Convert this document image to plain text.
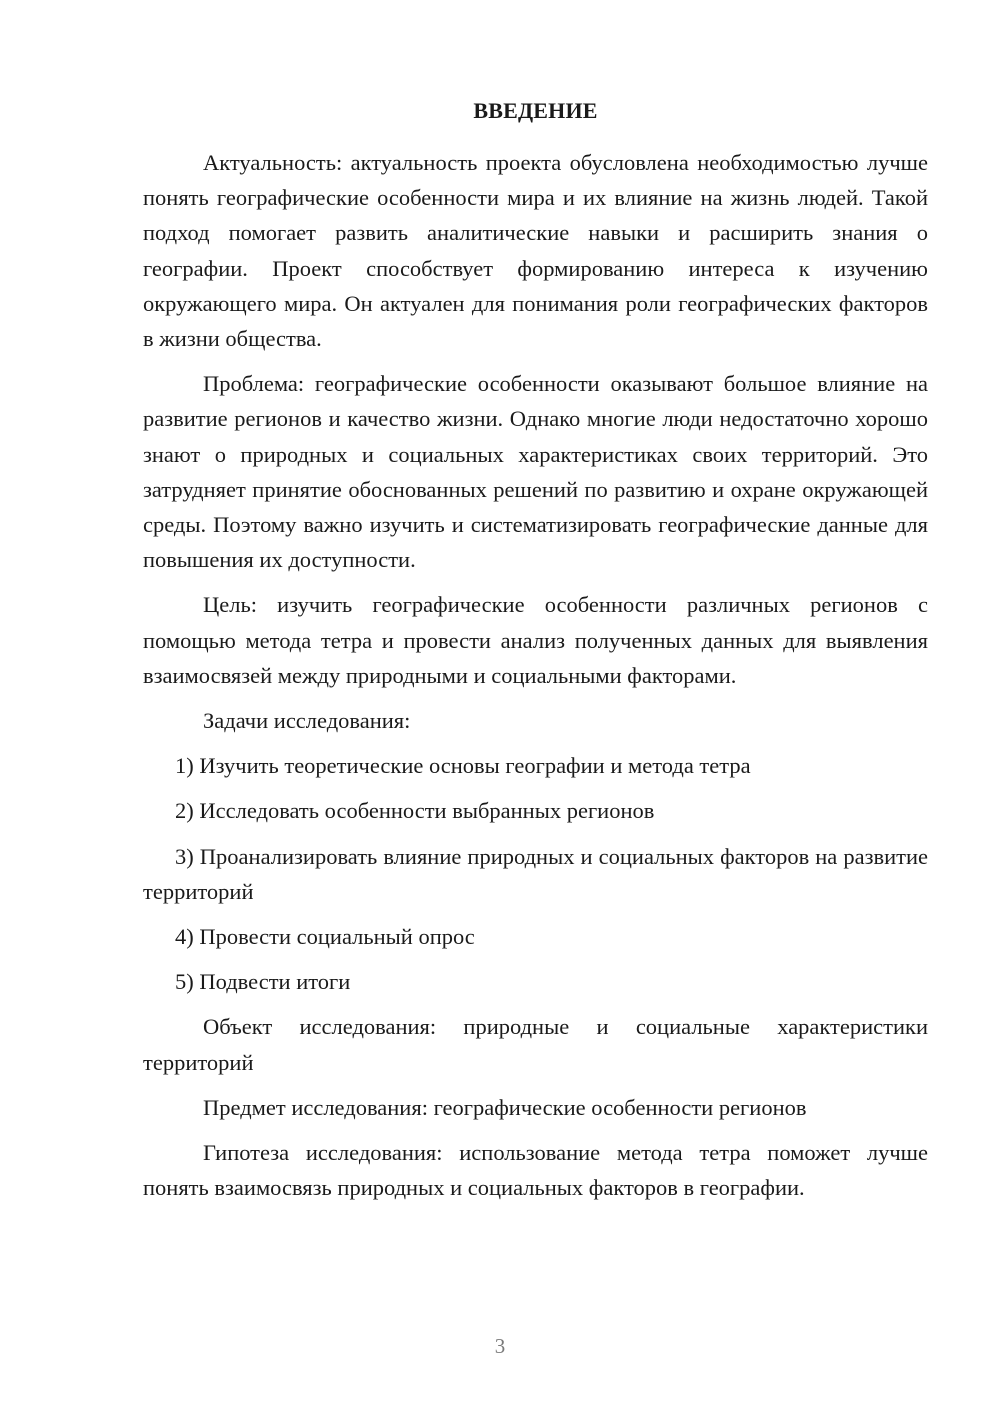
ВВЕДЕНИЕ

Актуальность: актуальность проекта обусловлена необходимостью лучше понять географические особенности мира и их влияние на жизнь людей. Такой подход помогает развить аналитические навыки и расширить знания о географии. Проект способствует формированию интереса к изучению окружающего мира. Он актуален для понимания роли географических факторов в жизни общества.

Проблема: географические особенности оказывают большое влияние на развитие регионов и качество жизни. Однако многие люди недостаточно хорошо знают о природных и социальных характеристиках своих территорий. Это затрудняет принятие обоснованных решений по развитию и охране окружающей среды. Поэтому важно изучить и систематизировать географические данные для повышения их доступности.

Цель: изучить географические особенности различных регионов с помощью метода тетра и провести анализ полученных данных для выявления взаимосвязей между природными и социальными факторами.

Задачи исследования:

1) Изучить теоретические основы географии и метода тетра

2) Исследовать особенности выбранных регионов

3) Проанализировать влияние природных и социальных факторов на развитие территорий

4) Провести социальный опрос

5) Подвести итоги

Объект исследования: природные и социальные характеристики территорий

Предмет исследования: географические особенности регионов

Гипотеза исследования: использование метода тетра поможет лучше понять взаимосвязь природных и социальных факторов в географии.

3
